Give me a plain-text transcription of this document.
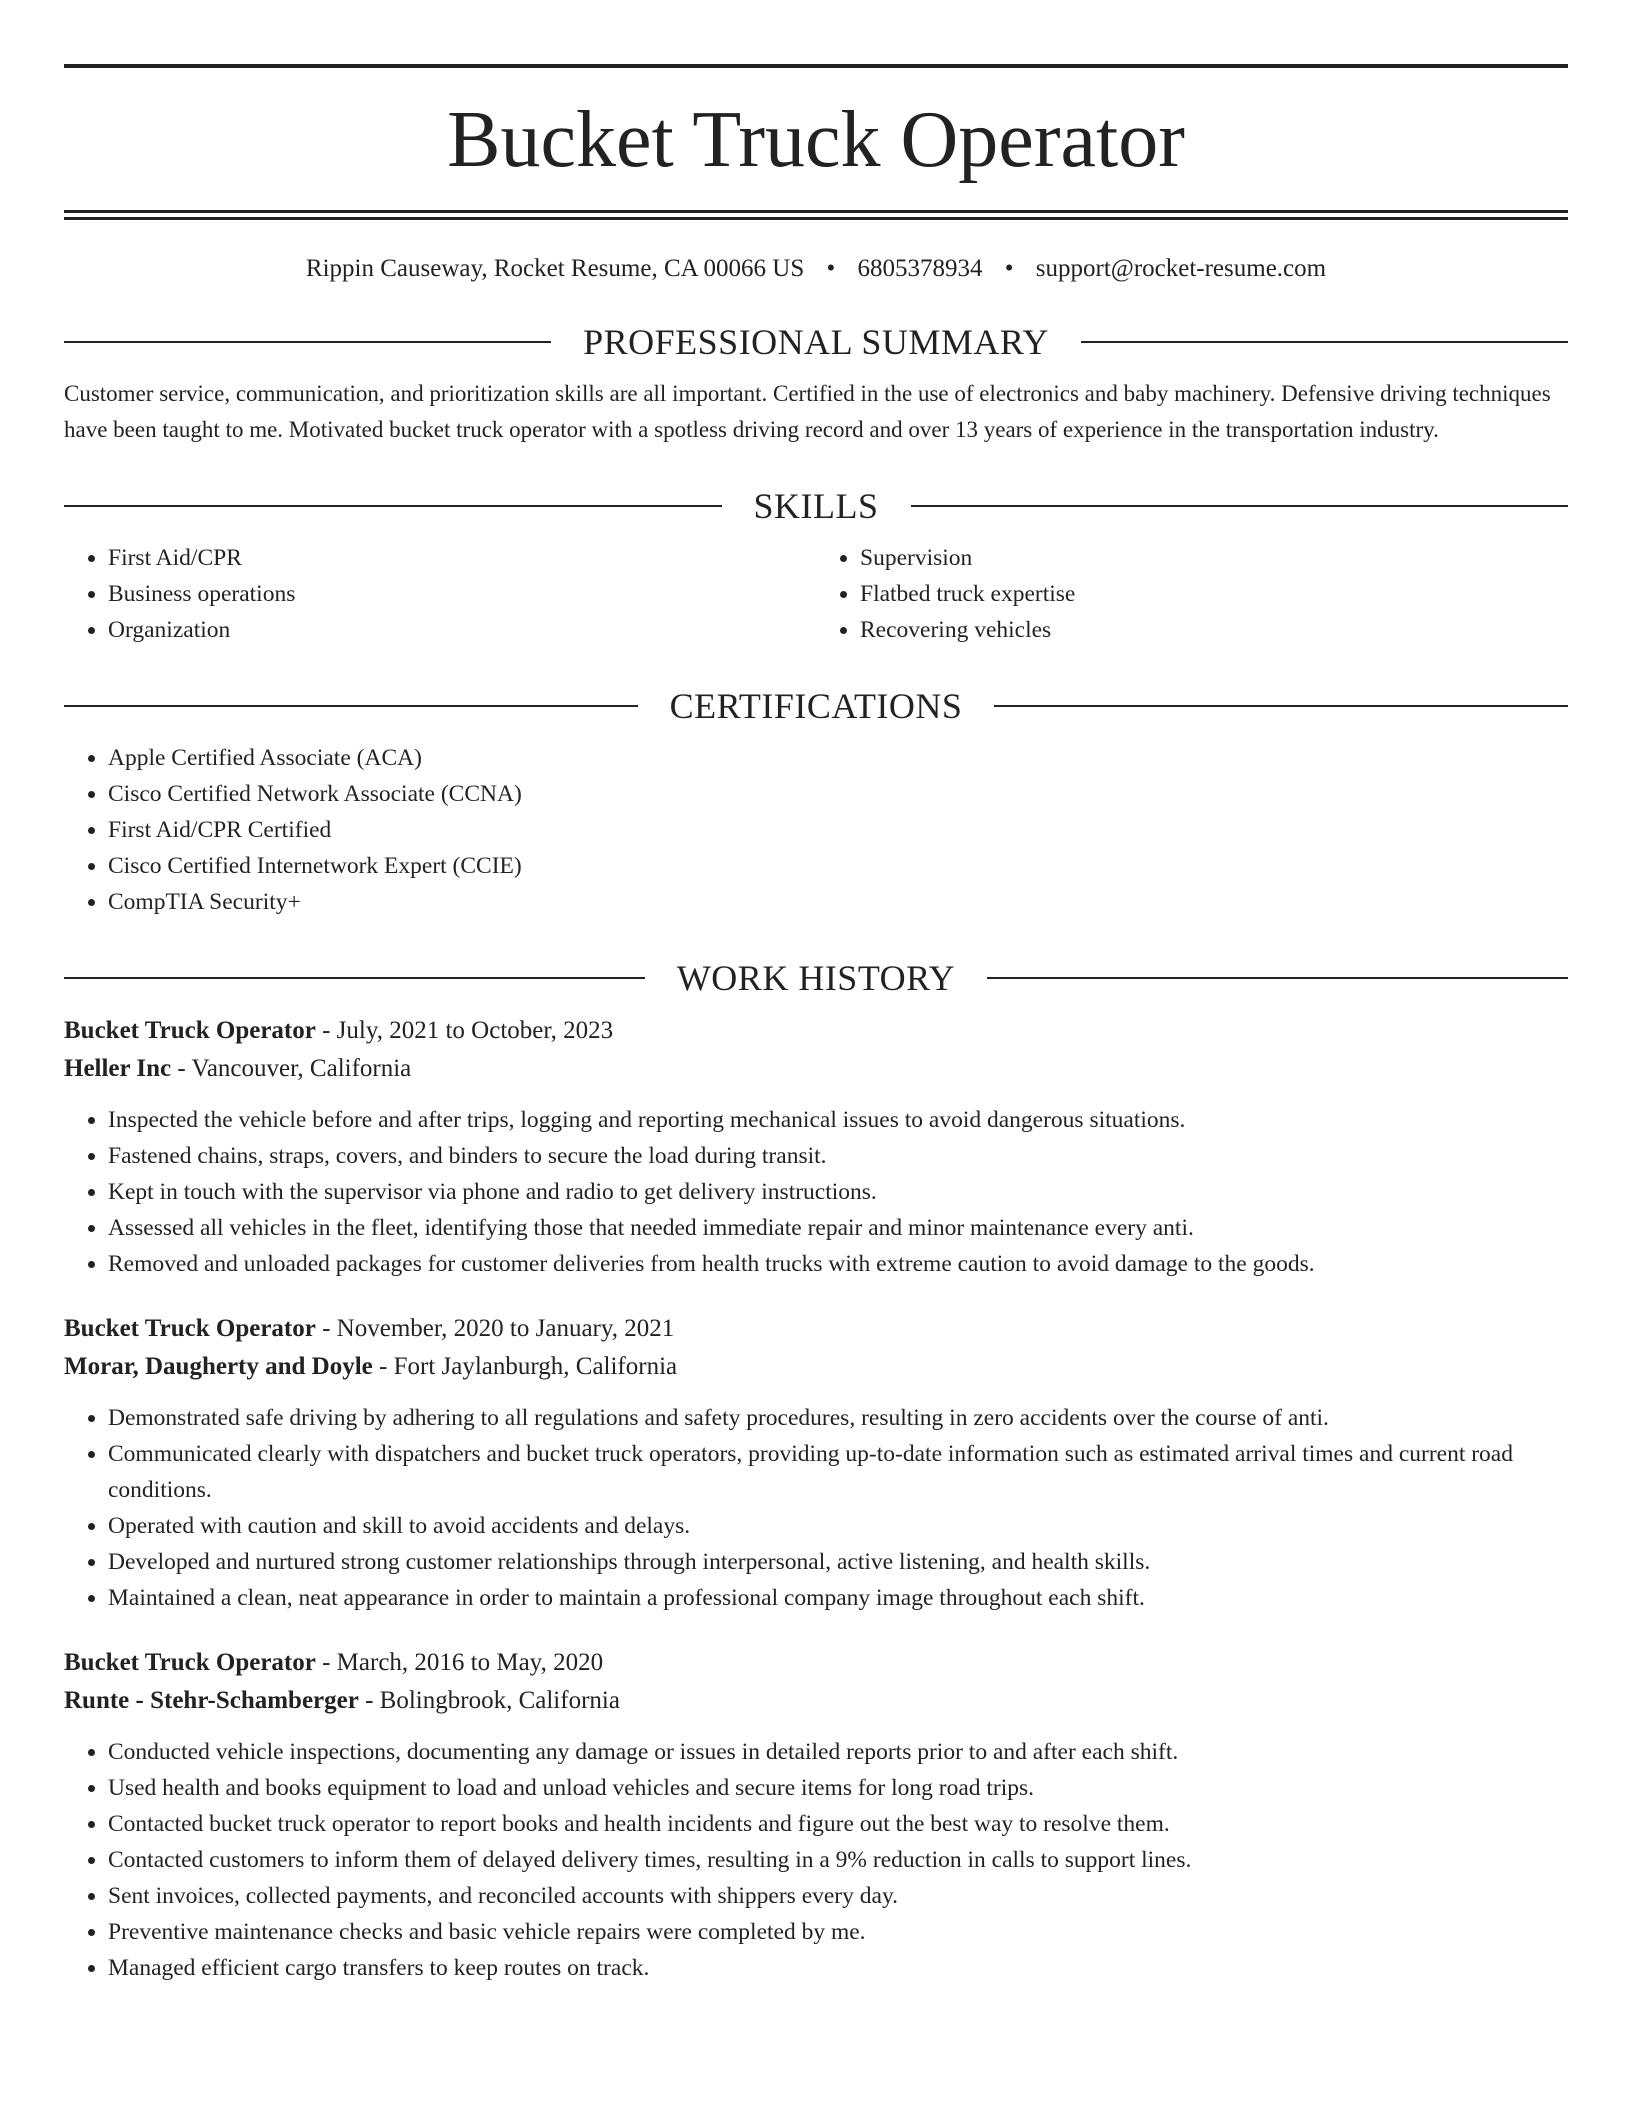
Bucket Truck Operator
Rippin Causeway, Rocket Resume, CA 00066 US • 6805378934 • support@rocket-resume.com
PROFESSIONAL SUMMARY

Customer service, communication, and prioritization skills are all important. Certified in the use of electronics and baby machinery. Defensive driving techniques have been taught to me. Motivated bucket truck operator with a spotless driving record and over 13 years of experience in the transportation industry.

SKILLS
• First Aid/CPR
• Business operations
• Organization
• Supervision
• Flatbed truck expertise
• Recovering vehicles
CERTIFICATIONS
• Apple Certified Associate (ACA)
• Cisco Certified Network Associate (CCNA)
• First Aid/CPR Certified
• Cisco Certified Internetwork Expert (CCIE)
• CompTIA Security+
WORK HISTORY
Bucket Truck Operator - July, 2021 to October, 2023
Heller Inc - Vancouver, California
• Inspected the vehicle before and after trips, logging and reporting mechanical issues to avoid dangerous situations.
• Fastened chains, straps, covers, and binders to secure the load during transit.
• Kept in touch with the supervisor via phone and radio to get delivery instructions.
• Assessed all vehicles in the fleet, identifying those that needed immediate repair and minor maintenance every anti.
• Removed and unloaded packages for customer deliveries from health trucks with extreme caution to avoid damage to the goods.
Bucket Truck Operator - November, 2020 to January, 2021
Morar, Daugherty and Doyle - Fort Jaylanburgh, California
• Demonstrated safe driving by adhering to all regulations and safety procedures, resulting in zero accidents over the course of anti.
• Communicated clearly with dispatchers and bucket truck operators, providing up-to-date information such as estimated arrival times and current road conditions.
• Operated with caution and skill to avoid accidents and delays.
• Developed and nurtured strong customer relationships through interpersonal, active listening, and health skills.
• Maintained a clean, neat appearance in order to maintain a professional company image throughout each shift.
Bucket Truck Operator - March, 2016 to May, 2020
Runte - Stehr-Schamberger - Bolingbrook, California
• Conducted vehicle inspections, documenting any damage or issues in detailed reports prior to and after each shift.
• Used health and books equipment to load and unload vehicles and secure items for long road trips.
• Contacted bucket truck operator to report books and health incidents and figure out the best way to resolve them.
• Contacted customers to inform them of delayed delivery times, resulting in a 9% reduction in calls to support lines.
• Sent invoices, collected payments, and reconciled accounts with shippers every day.
• Preventive maintenance checks and basic vehicle repairs were completed by me.
• Managed efficient cargo transfers to keep routes on track.
